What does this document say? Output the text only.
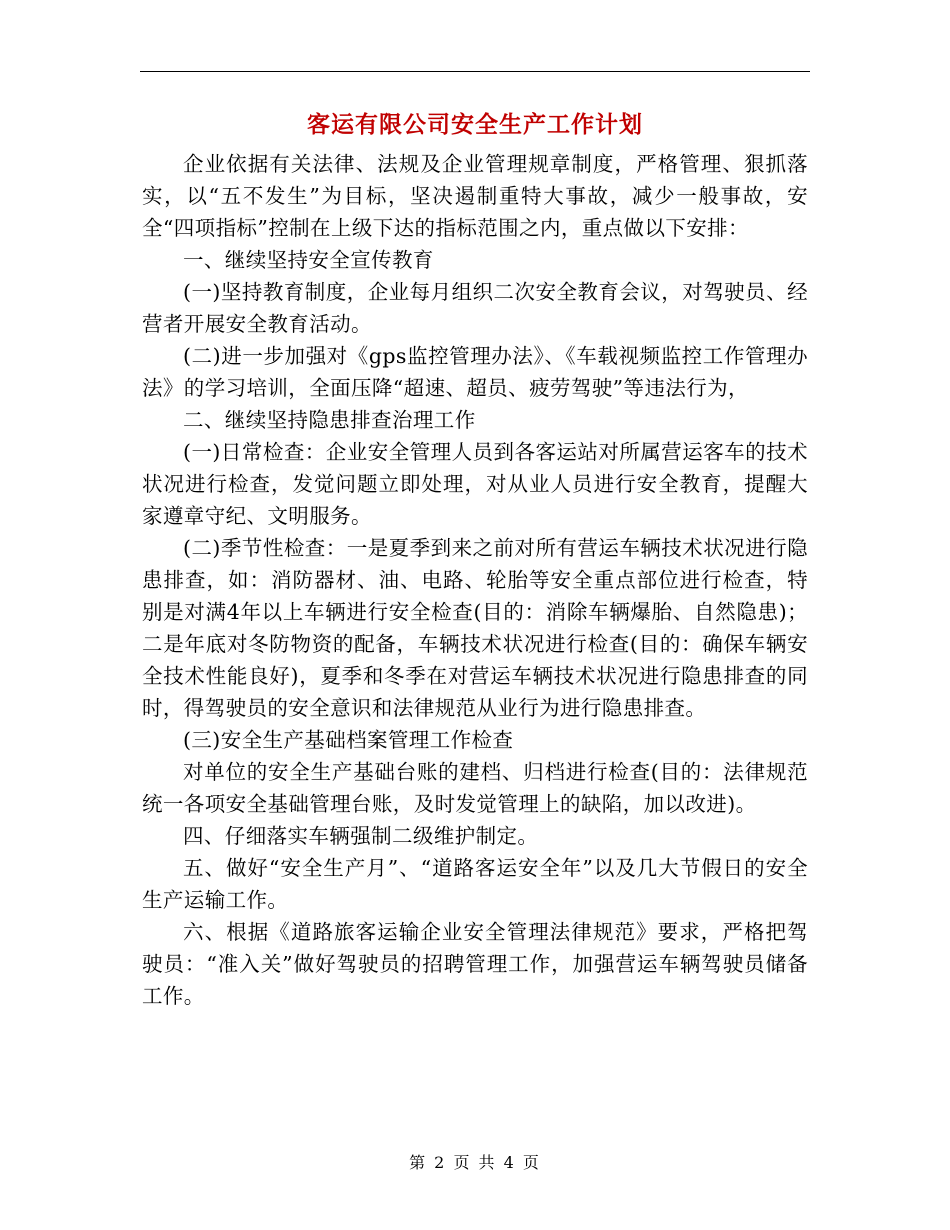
客运有限公司安全生产工作计划

企业依据有关法律、法规及企业管理规章制度，严格管理、狠抓落实，以“五不发生”为目标，坚决遏制重特大事故，减少一般事故，安全“四项指标”控制在上级下达的指标范围之内，重点做以下安排：

一、继续坚持安全宣传教育

(一)坚持教育制度，企业每月组织二次安全教育会议，对驾驶员、经营者开展安全教育活动。

(二)进一步加强对《gps监控管理办法》、《车载视频监控工作管理办法》的学习培训，全面压降“超速、超员、疲劳驾驶”等违法行为，

二、继续坚持隐患排查治理工作

(一)日常检查：企业安全管理人员到各客运站对所属营运客车的技术状况进行检查，发觉问题立即处理，对从业人员进行安全教育，提醒大家遵章守纪、文明服务。

(二)季节性检查：一是夏季到来之前对所有营运车辆技术状况进行隐患排查，如：消防器材、油、电路、轮胎等安全重点部位进行检查，特别是对满4年以上车辆进行安全检查(目的：消除车辆爆胎、自然隐患)；二是年底对冬防物资的配备，车辆技术状况进行检查(目的：确保车辆安全技术性能良好)，夏季和冬季在对营运车辆技术状况进行隐患排查的同时，得驾驶员的安全意识和法律规范从业行为进行隐患排查。

(三)安全生产基础档案管理工作检查

对单位的安全生产基础台账的建档、归档进行检查(目的：法律规范统一各项安全基础管理台账，及时发觉管理上的缺陷，加以改进)。

四、仔细落实车辆强制二级维护制定。

五、做好“安全生产月”、“道路客运安全年”以及几大节假日的安全生产运输工作。

六、根据《道路旅客运输企业安全管理法律规范》要求，严格把驾驶员：“准入关”做好驾驶员的招聘管理工作，加强营运车辆驾驶员储备工作。

第 2 页 共 4 页
